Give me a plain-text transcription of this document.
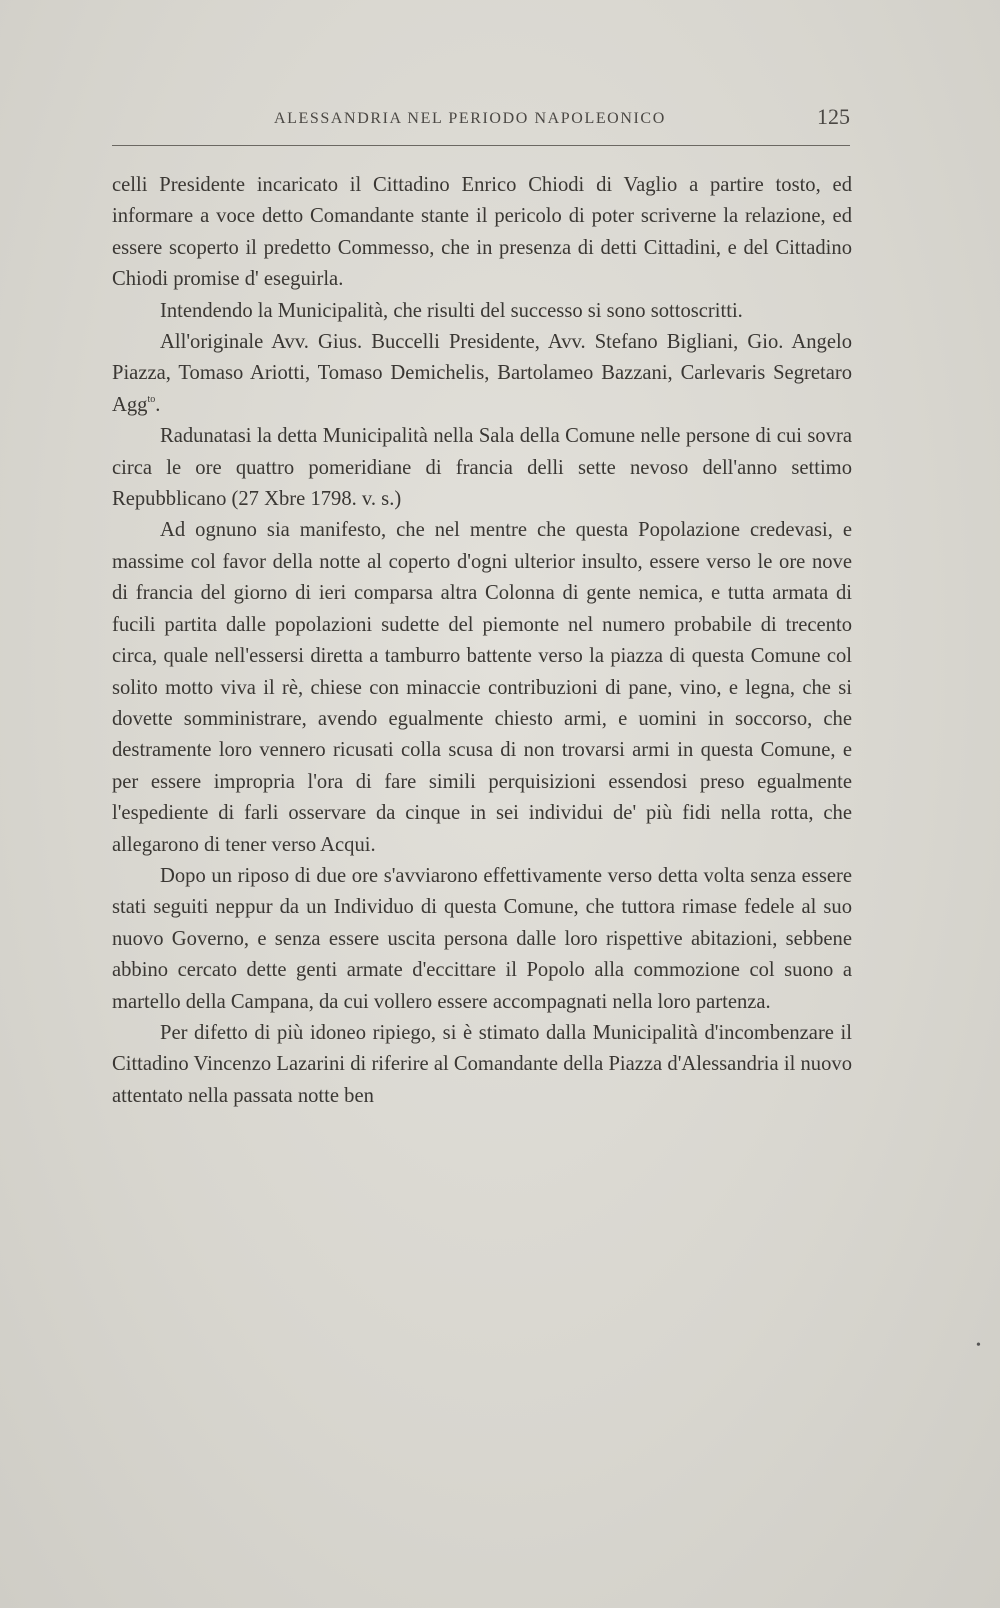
ALESSANDRIA NEL PERIODO NAPOLEONICO	125

celli Presidente incaricato il Cittadino Enrico Chiodi di Vaglio a partire tosto, ed informare a voce detto Comandante stante il pericolo di poter scriverne la relazione, ed essere scoperto il predetto Commesso, che in presenza di detti Cittadini, e del Cittadino Chiodi promise d' eseguirla.

Intendendo la Municipalità, che risulti del successo si sono sottoscritti.

All'originale Avv. Gius. Buccelli Presidente, Avv. Stefano Bigliani, Gio. Angelo Piazza, Tomaso Ariotti, Tomaso Demichelis, Bartolameo Bazzani, Carlevaris Segretaro Agg$^{to}$.

Radunatasi la detta Municipalità nella Sala della Comune nelle persone di cui sovra circa le ore quattro pomeridiane di francia delli sette nevoso dell'anno settimo Repubblicano (27 Xbre 1798. v. s.)

Ad ognuno sia manifesto, che nel mentre che questa Popolazione credevasi, e massime col favor della notte al coperto d'ogni ulterior insulto, essere verso le ore nove di francia del giorno di ieri comparsa altra Colonna di gente nemica, e tutta armata di fucili partita dalle popolazioni sudette del piemonte nel numero probabile di trecento circa, quale nell'essersi diretta a tamburro battente verso la piazza di questa Comune col solito motto viva il rè, chiese con minaccie contribuzioni di pane, vino, e legna, che si dovette somministrare, avendo egualmente chiesto armi, e uomini in soccorso, che destramente loro vennero ricusati colla scusa di non trovarsi armi in questa Comune, e per essere impropria l'ora di fare simili perquisizioni essendosi preso egualmente l'espediente di farli osservare da cinque in sei individui de' più fidi nella rotta, che allegarono di tener verso Acqui.

Dopo un riposo di due ore s'avviarono effettivamente verso detta volta senza essere stati seguiti neppur da un Individuo di questa Comune, che tuttora rimase fedele al suo nuovo Governo, e senza essere uscita persona dalle loro rispettive abitazioni, sebbene abbino cercato dette genti armate d'eccittare il Popolo alla commozione col suono a martello della Campana, da cui vollero essere accompagnati nella loro partenza.

Per difetto di più idoneo ripiego, si è stimato dalla Municipalità d'incombenzare il Cittadino Vincenzo Lazarini di riferire al Comandante della Piazza d'Alessandria il nuovo attentato nella passata notte ben

•
